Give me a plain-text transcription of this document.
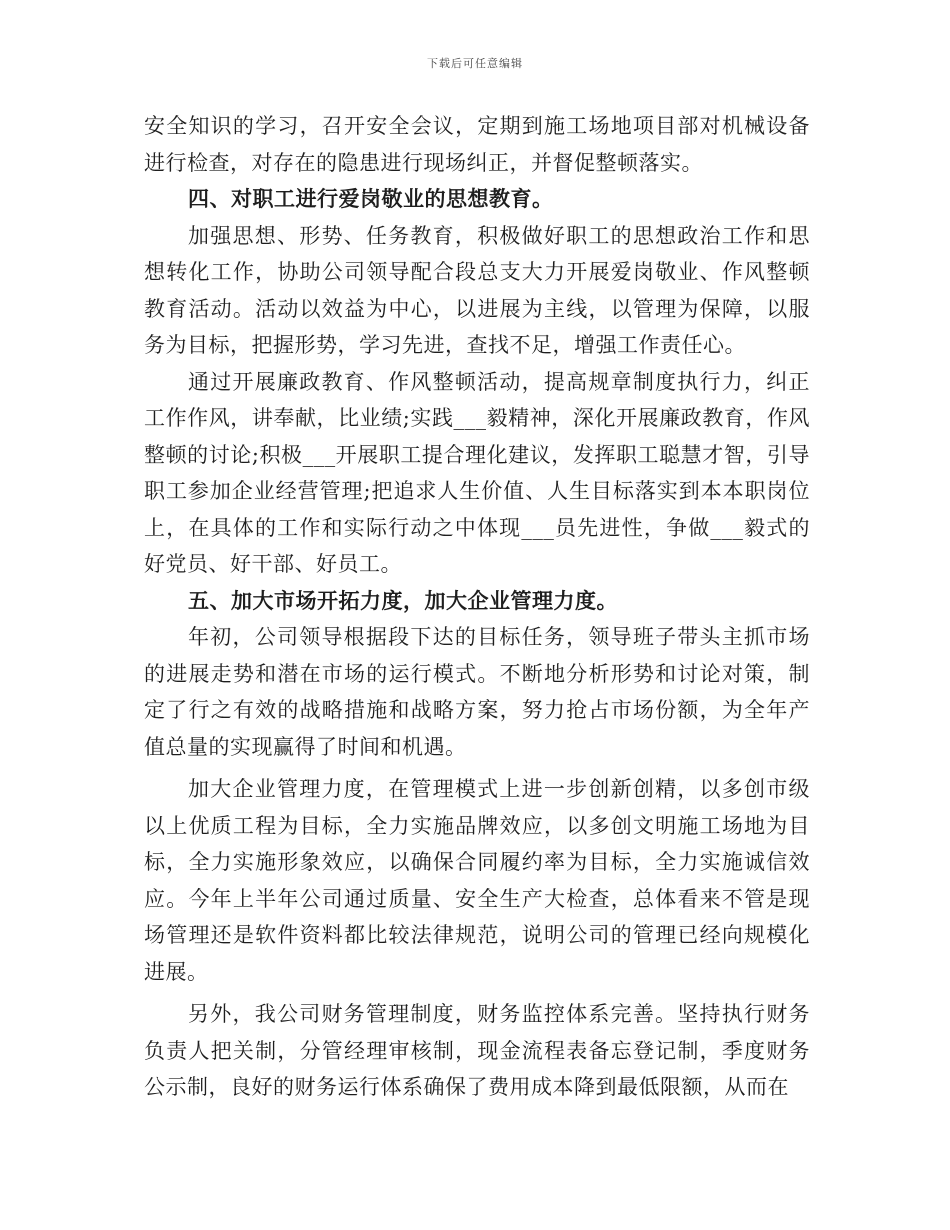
下载后可任意编辑

安全知识的学习，召开安全会议，定期到施工场地项目部对机械设备进行检查，对存在的隐患进行现场纠正，并督促整顿落实。

四、对职工进行爱岗敬业的思想教育。

加强思想、形势、任务教育，积极做好职工的思想政治工作和思想转化工作，协助公司领导配合段总支大力开展爱岗敬业、作风整顿教育活动。活动以效益为中心，以进展为主线，以管理为保障，以服务为目标，把握形势，学习先进，查找不足，增强工作责任心。

通过开展廉政教育、作风整顿活动，提高规章制度执行力，纠正工作作风，讲奉献，比业绩;实践___毅精神，深化开展廉政教育，作风整顿的讨论;积极___开展职工提合理化建议，发挥职工聪慧才智，引导职工参加企业经营管理;把追求人生价值、人生目标落实到本本职岗位上，在具体的工作和实际行动之中体现___员先进性，争做___毅式的好党员、好干部、好员工。

五、加大市场开拓力度，加大企业管理力度。

年初，公司领导根据段下达的目标任务，领导班子带头主抓市场的进展走势和潜在市场的运行模式。不断地分析形势和讨论对策，制定了行之有效的战略措施和战略方案，努力抢占市场份额，为全年产值总量的实现赢得了时间和机遇。

加大企业管理力度，在管理模式上进一步创新创精，以多创市级以上优质工程为目标，全力实施品牌效应，以多创文明施工场地为目标，全力实施形象效应，以确保合同履约率为目标，全力实施诚信效应。今年上半年公司通过质量、安全生产大检查，总体看来不管是现场管理还是软件资料都比较法律规范，说明公司的管理已经向规模化进展。

另外，我公司财务管理制度，财务监控体系完善。坚持执行财务负责人把关制，分管经理审核制，现金流程表备忘登记制，季度财务公示制，良好的财务运行体系确保了费用成本降到最低限额，从而在
